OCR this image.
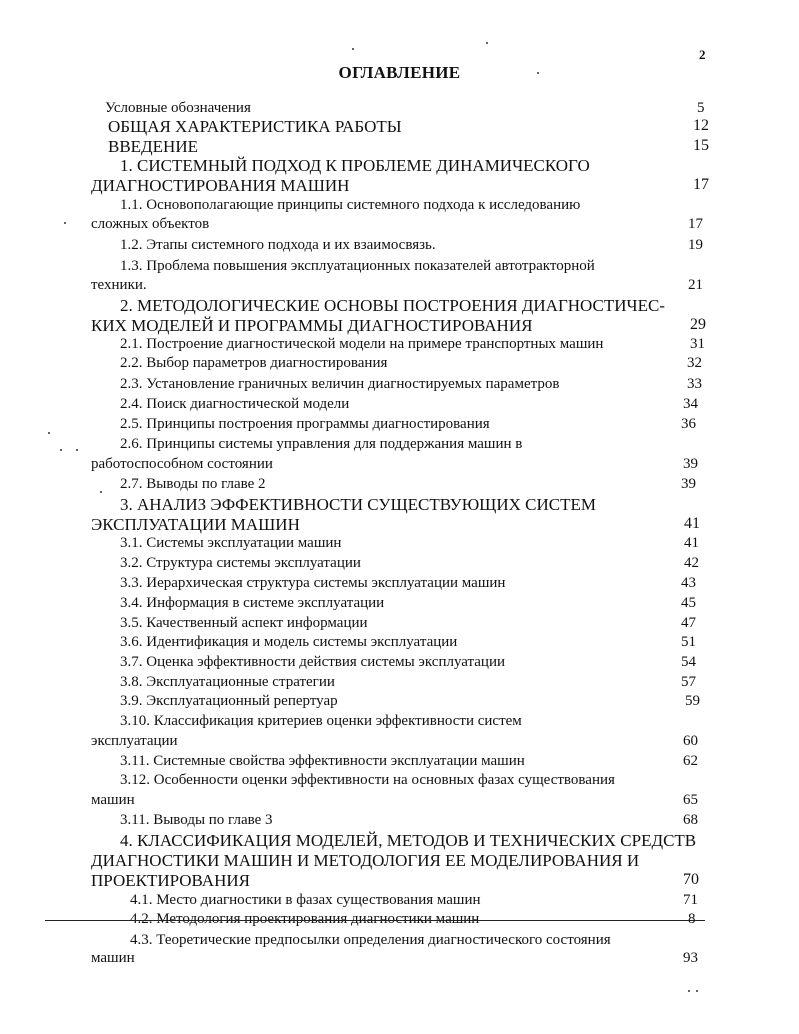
2
ОГЛАВЛЕНИЕ
Условные обозначения	5
ОБЩАЯ ХАРАКТЕРИСТИКА РАБОТЫ	12
ВВЕДЕНИЕ	15
1. СИСТЕМНЫЙ ПОДХОД К ПРОБЛЕМЕ ДИНАМИЧЕСКОГО
ДИАГНОСТИРОВАНИЯ МАШИН	17
1.1. Основополагающие принципы системного подхода к исследованию
сложных объектов	17
1.2. Этапы системного подхода и их взаимосвязь.	19
1.3. Проблема повышения эксплуатационных показателей автотракторной
техники.	21
2. МЕТОДОЛОГИЧЕСКИЕ ОСНОВЫ ПОСТРОЕНИЯ ДИАГНОСТИЧЕС-
КИХ МОДЕЛЕЙ И ПРОГРАММЫ ДИАГНОСТИРОВАНИЯ	29
2.1. Построение диагностической модели на примере транспортных машин	31
2.2. Выбор параметров диагностирования	32
2.3. Установление граничных величин диагностируемых параметров	33
2.4. Поиск диагностической модели	34
2.5. Принципы построения программы диагностирования	36
2.6. Принципы системы управления для поддержания машин в
работоспособном состоянии	39
2.7. Выводы по главе 2	39
3. АНАЛИЗ ЭФФЕКТИВНОСТИ СУЩЕСТВУЮЩИХ СИСТЕМ
ЭКСПЛУАТАЦИИ МАШИН	41
3.1. Системы эксплуатации машин	41
3.2. Структура системы эксплуатации	42
3.3. Иерархическая структура системы эксплуатации машин	43
3.4. Информация в системе эксплуатации	45
3.5. Качественный аспект информации	47
3.6. Идентификация и модель системы эксплуатации	51
3.7. Оценка эффективности действия системы эксплуатации	54
3.8. Эксплуатационные стратегии	57
3.9. Эксплуатационный репертуар	59
3.10. Классификация критериев оценки эффективности систем
эксплуатации	60
3.11. Системные свойства эффективности эксплуатации машин	62
3.12. Особенности оценки эффективности на основных фазах существования
машин	65
3.11. Выводы по главе 3	68
4. КЛАССИФИКАЦИЯ МОДЕЛЕЙ, МЕТОДОВ И ТЕХНИЧЕСКИХ СРЕДСТВ
ДИАГНОСТИКИ МАШИН И МЕТОДОЛОГИЯ ЕЕ МОДЕЛИРОВАНИЯ И
ПРОЕКТИРОВАНИЯ	70
4.1. Место диагностики в фазах существования машин	71
4.2. Методология проектирования диагностики машин	8
4.3. Теоретические предпосылки определения диагностического состояния
машин	93
